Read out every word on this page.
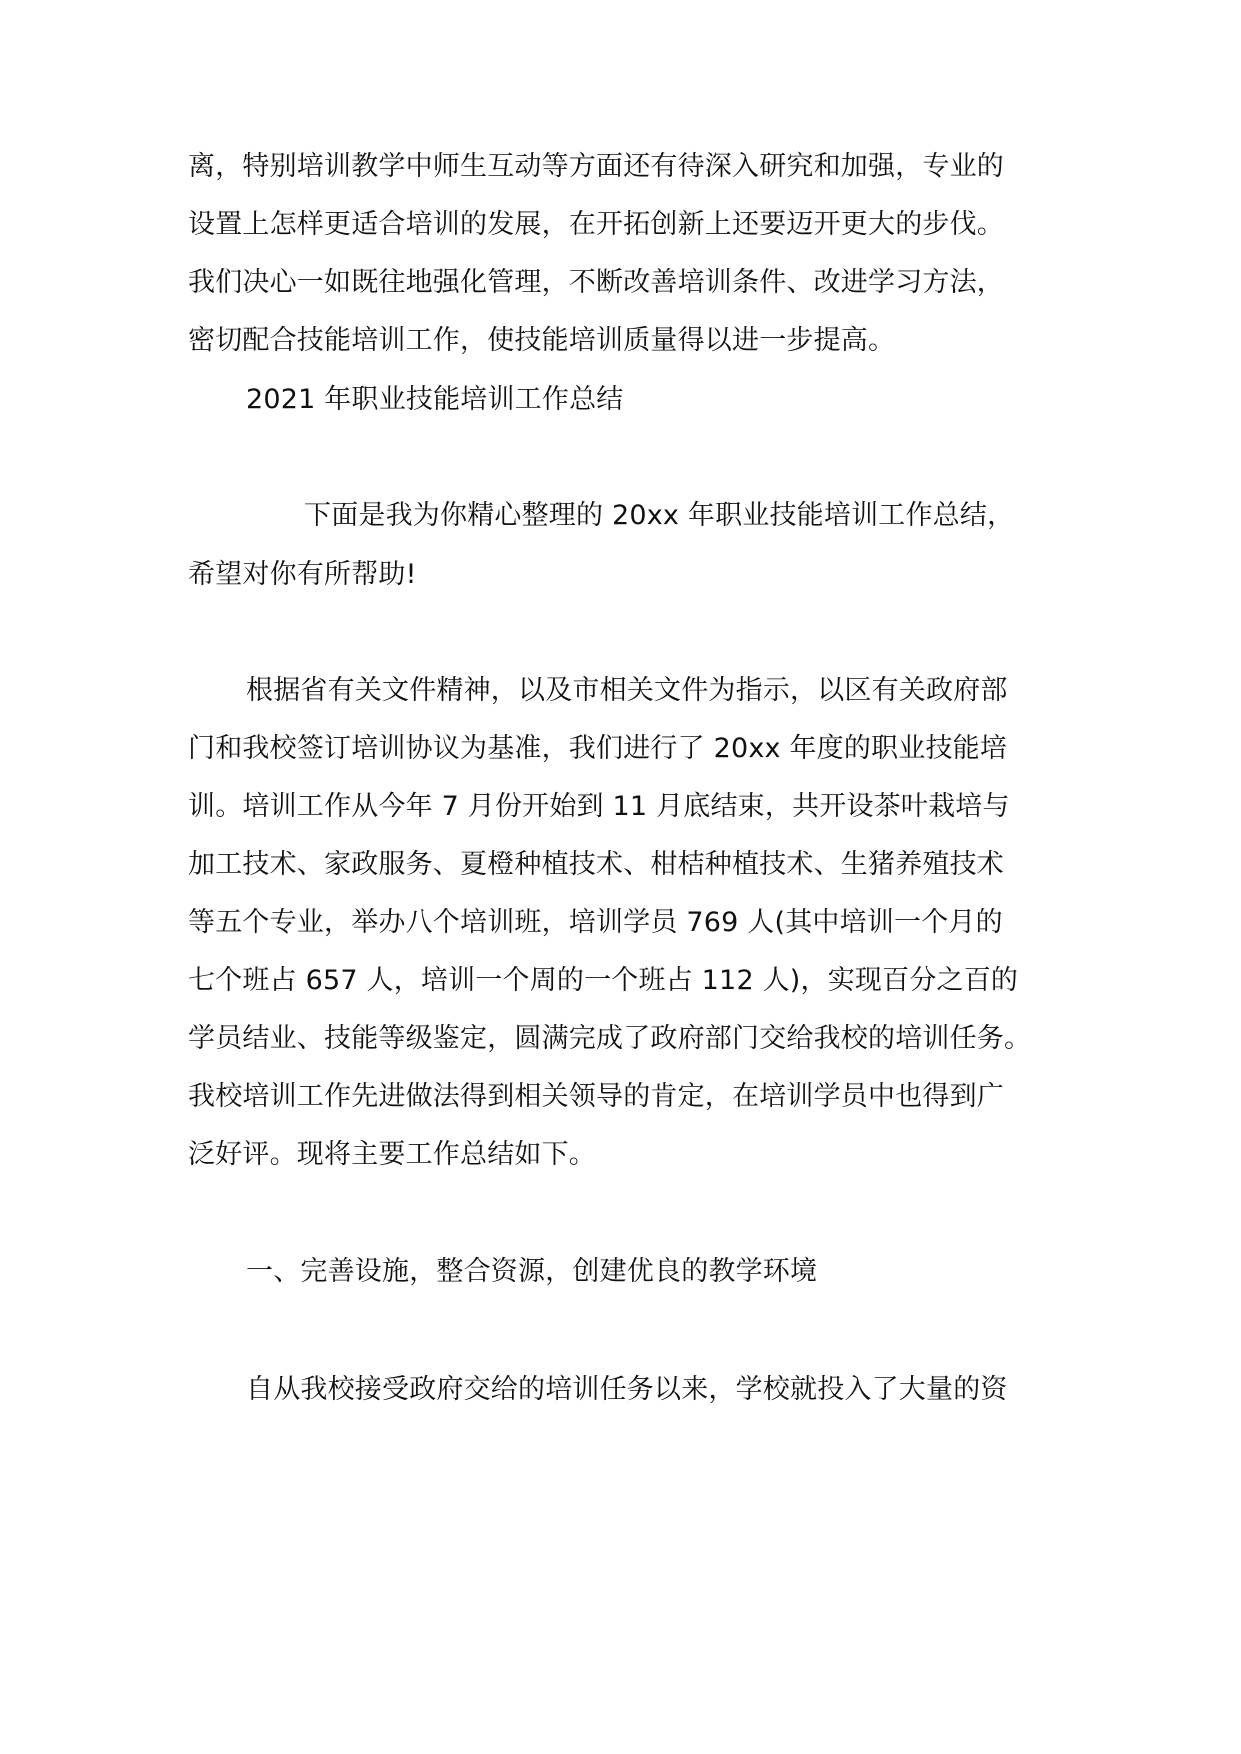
离，特别培训教学中师生互动等方面还有待深入研究和加强，专业的
设置上怎样更适合培训的发展，在开拓创新上还要迈开更大的步伐。
我们决心一如既往地强化管理，不断改善培训条件、改进学习方法，
密切配合技能培训工作，使技能培训质量得以进一步提高。
2021 年职业技能培训工作总结
下面是我为你精心整理的 20xx 年职业技能培训工作总结，
希望对你有所帮助!
根据省有关文件精神，以及市相关文件为指示，以区有关政府部
门和我校签订培训协议为基准，我们进行了 20xx 年度的职业技能培
训。培训工作从今年 7 月份开始到 11 月底结束，共开设茶叶栽培与
加工技术、家政服务、夏橙种植技术、柑桔种植技术、生猪养殖技术
等五个专业，举办八个培训班，培训学员 769 人(其中培训一个月的
七个班占 657 人，培训一个周的一个班占 112 人)，实现百分之百的
学员结业、技能等级鉴定，圆满完成了政府部门交给我校的培训任务。
我校培训工作先进做法得到相关领导的肯定，在培训学员中也得到广
泛好评。现将主要工作总结如下。
一、完善设施，整合资源，创建优良的教学环境
自从我校接受政府交给的培训任务以来，学校就投入了大量的资
